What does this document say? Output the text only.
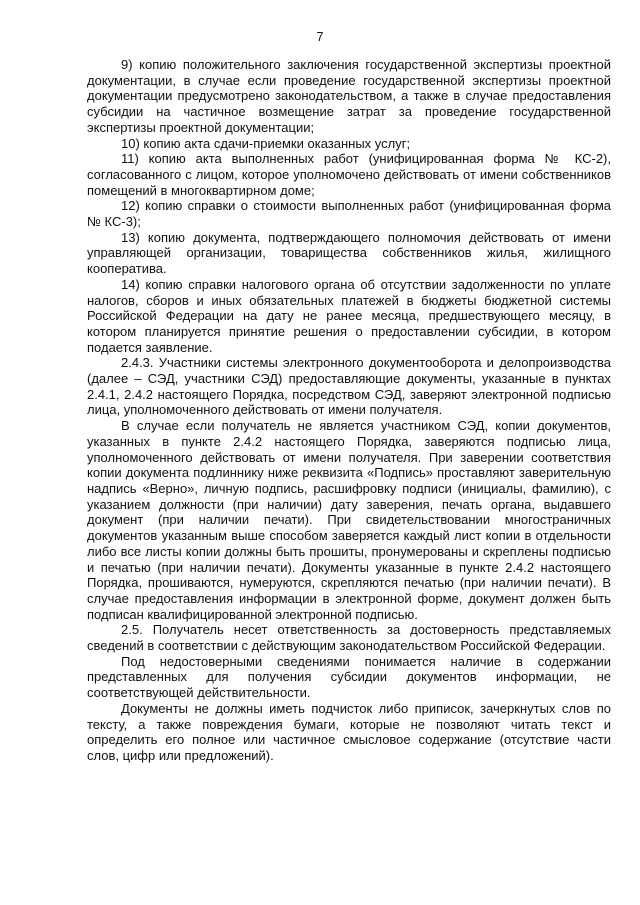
7

9) копию положительного заключения государственной экспертизы проектной документации, в случае если проведение государственной экспертизы проектной документации предусмотрено законодательством, а также в случае предоставления субсидии на частичное возмещение затрат за проведение государственной экспертизы проектной документации;

10) копию акта сдачи-приемки оказанных услуг;

11) копию акта выполненных работ (унифицированная форма № КС-2), согласованного с лицом, которое уполномочено действовать от имени собственников помещений в многоквартирном доме;

12) копию справки о стоимости выполненных работ (унифицированная форма № КС-3);

13) копию документа, подтверждающего полномочия действовать от имени управляющей организации, товарищества собственников жилья, жилищного кооператива.

14) копию справки налогового органа об отсутствии задолженности по уплате налогов, сборов и иных обязательных платежей в бюджеты бюджетной системы Российской Федерации на дату не ранее месяца, предшествующего месяцу, в котором планируется принятие решения о предоставлении субсидии, в котором подается заявление.

2.4.3. Участники системы электронного документооборота и делопроизводства (далее – СЭД, участники СЭД) предоставляющие документы, указанные в пунктах 2.4.1, 2.4.2 настоящего Порядка, посредством СЭД, заверяют электронной подписью лица, уполномоченного действовать от имени получателя.

В случае если получатель не является участником СЭД, копии документов, указанных в пункте 2.4.2 настоящего Порядка, заверяются подписью лица, уполномоченного действовать от имени получателя. При заверении соответствия копии документа подлиннику ниже реквизита «Подпись» проставляют заверительную надпись «Верно», личную подпись, расшифровку подписи (инициалы, фамилию), с указанием должности (при наличии) дату заверения, печать органа, выдавшего документ (при наличии печати). При свидетельствовании многостраничных документов указанным выше способом заверяется каждый лист копии в отдельности либо все листы копии должны быть прошиты, пронумерованы и скреплены подписью и печатью (при наличии печати). Документы указанные в пункте 2.4.2 настоящего Порядка, прошиваются, нумеруются, скрепляются печатью (при наличии печати). В случае предоставления информации в электронной форме, документ должен быть подписан квалифицированной электронной подписью.

2.5. Получатель несет ответственность за достоверность представляемых сведений в соответствии с действующим законодательством Российской Федерации.

Под недостоверными сведениями понимается наличие в содержании представленных для получения субсидии документов информации, не соответствующей действительности.

Документы не должны иметь подчисток либо приписок, зачеркнутых слов по тексту, а также повреждения бумаги, которые не позволяют читать текст и определить его полное или частичное смысловое содержание (отсутствие части слов, цифр или предложений).
